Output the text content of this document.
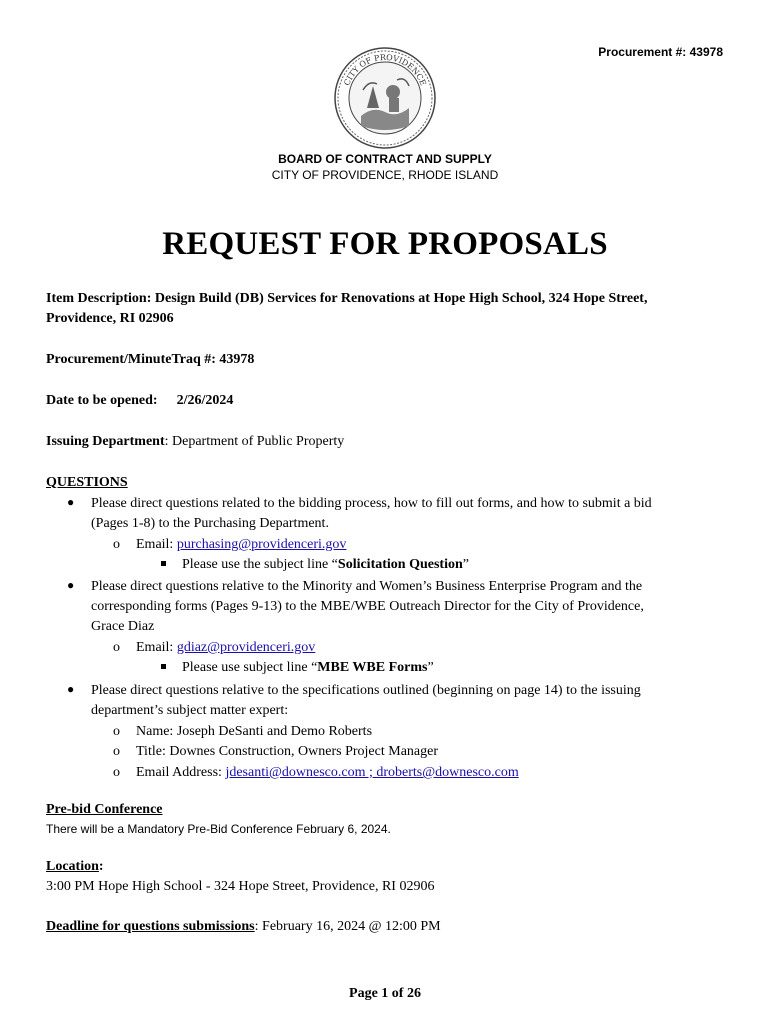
Procurement #: 43978
CITY OF PROVIDENCE
BOARD OF CONTRACT AND SUPPLY
CITY OF PROVIDENCE, RHODE ISLAND
REQUEST FOR PROPOSALS
Item Description: Design Build (DB) Services for Renovations at Hope High School, 324 Hope Street,
Providence, RI 02906
Procurement/MinuteTraq #: 43978
Date to be opened: 2/26/2024
Issuing Department: Department of Public Property
QUESTIONS
● Please direct questions related to the bidding process, how to fill out forms, and how to submit a bid
(Pages 1-8) to the Purchasing Department.
o Email: purchasing@providenceri.gov
Please use the subject line “Solicitation Question”
● Please direct questions relative to the Minority and Women’s Business Enterprise Program and the
corresponding forms (Pages 9-13) to the MBE/WBE Outreach Director for the City of Providence,
Grace Diaz
o Email: gdiaz@providenceri.gov
Please use subject line “MBE WBE Forms”
● Please direct questions relative to the specifications outlined (beginning on page 14) to the issuing
department’s subject matter expert:
o Name: Joseph DeSanti and Demo Roberts
o Title: Downes Construction, Owners Project Manager
o Email Address: jdesanti@downesco.com ; droberts@downesco.com
Pre-bid Conference
There will be a Mandatory Pre-Bid Conference February 6, 2024.
Location:
3:00 PM Hope High School - 324 Hope Street, Providence, RI 02906
Deadline for questions submissions: February 16, 2024 @ 12:00 PM
Page 1 of 26
